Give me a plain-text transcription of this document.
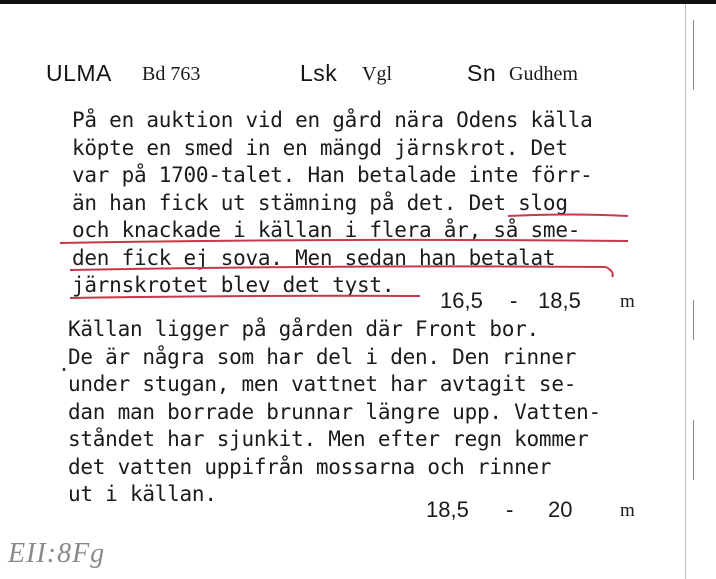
ULMA Bd 763	Lsk Vgl	Sn Gudhem
På en auktion vid en gård nära Odens källa
köpte en smed in en mängd järnskrot. Det
var på 1700-talet. Han betalade inte förr-
än han fick ut stämning på det. Det slog
och knackade i källan i flera år, så sme-
den fick ej sova. Men sedan han betalat
järnskrotet blev det tyst.
16,5 - 18,5 m
Källan ligger på gården där Front bor.
De är några som har del i den. Den rinner
under stugan, men vattnet har avtagit se-
dan man borrade brunnar längre upp. Vatten-
ståndet har sjunkit. Men efter regn kommer
det vatten uppifrån mossarna och rinner
ut i källan.
.
18,5 - 20	m
EII:8Fg
